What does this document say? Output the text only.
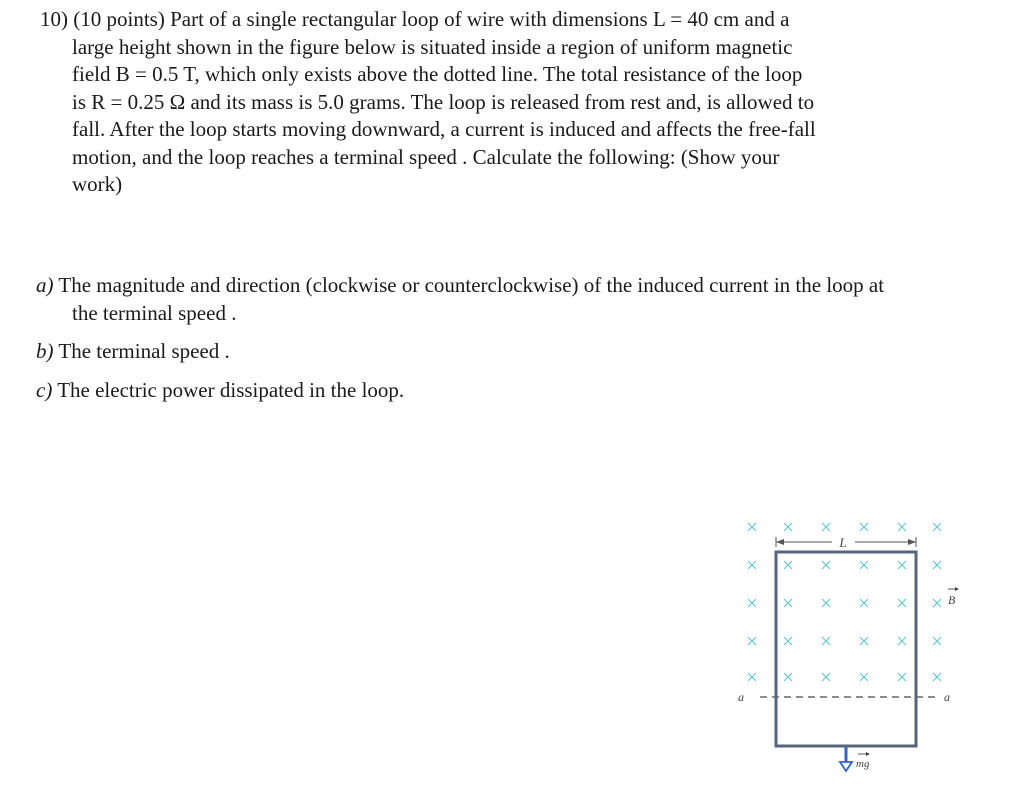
10) (10 points) Part of a single rectangular loop of wire with dimensions L = 40 cm and a
large height shown in the figure below is situated inside a region of uniform magnetic
field B = 0.5 T, which only exists above the dotted line. The total resistance of the loop
is R = 0.25 Ω and its mass is 5.0 grams. The loop is released from rest and, is allowed to
fall. After the loop starts moving downward, a current is induced and affects the free-fall
motion, and the loop reaches a terminal speed . Calculate the following: (Show your
work)
a) The magnitude and direction (clockwise or counterclockwise) of the induced current in the loop at
the terminal speed .
b) The terminal speed .
c) The electric power dissipated in the loop.
L
a	a
B
mg
